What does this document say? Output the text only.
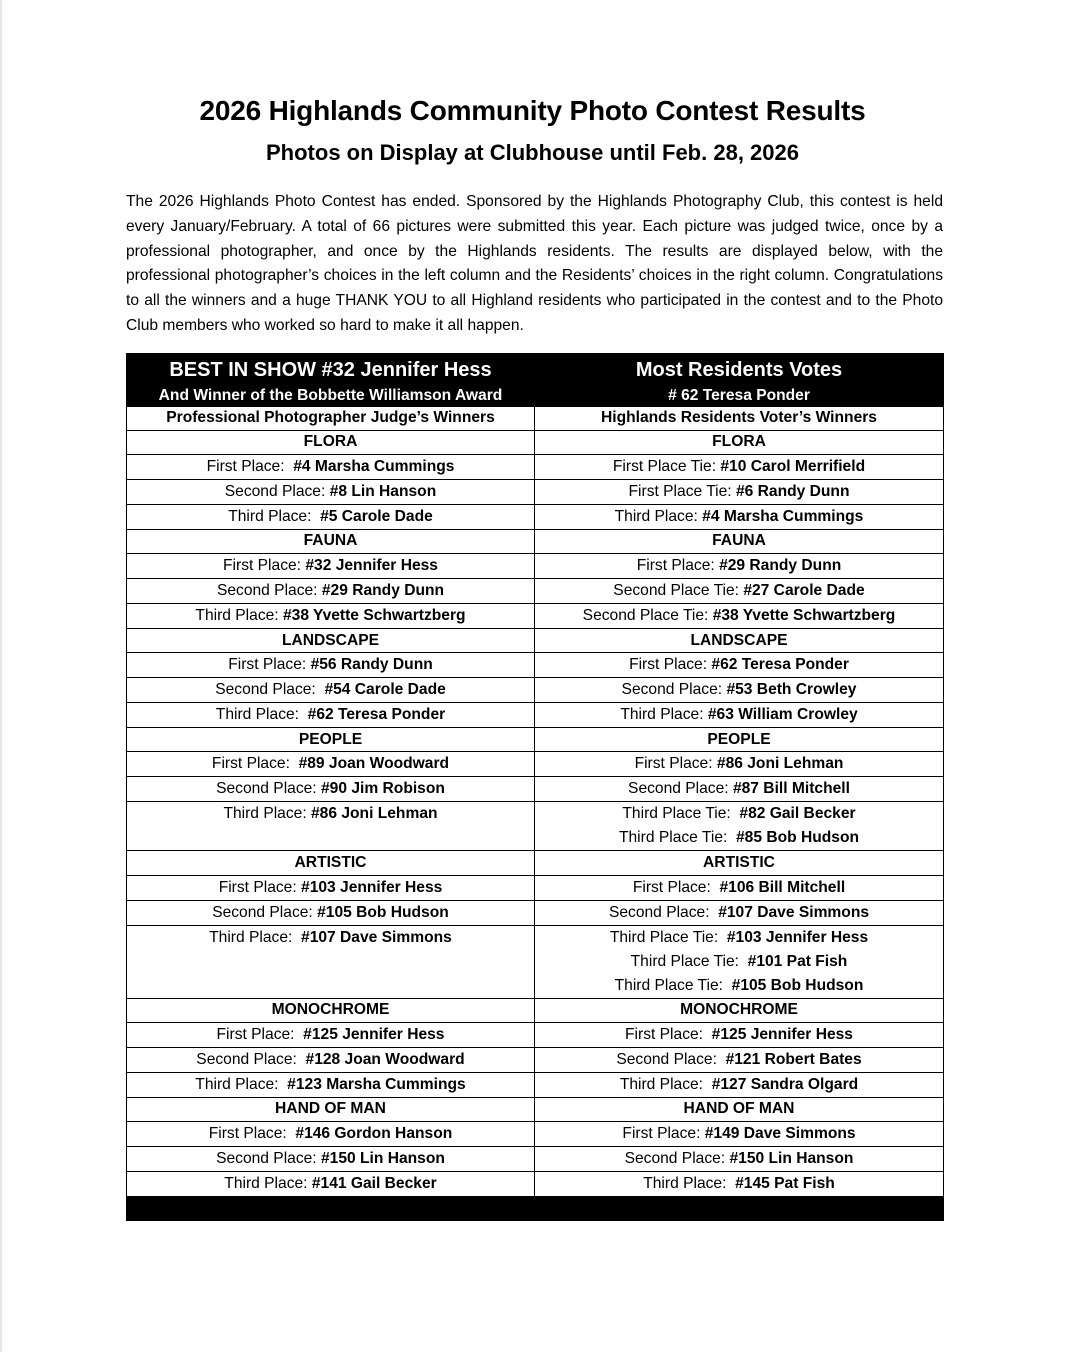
2026 Highlands Community Photo Contest Results
Photos on Display at Clubhouse until Feb. 28, 2026

The 2026 Highlands Photo Contest has ended. Sponsored by the Highlands Photography Club, this contest is held every January/February. A total of 66 pictures were submitted this year. Each picture was judged twice, once by a professional photographer, and once by the Highlands residents. The results are displayed below, with the professional photographer’s choices in the left column and the Residents’ choices in the right column. Congratulations to all the winners and a huge THANK YOU to all Highland residents who participated in the contest and to the Photo Club members who worked so hard to make it all happen.

BEST IN SHOW #32 Jennifer Hess	Most Residents Votes
And Winner of the Bobbette Williamson Award	# 62 Teresa Ponder
Professional Photographer Judge’s Winners	Highlands Residents Voter’s Winners
FLORA	FLORA

First Place:  #4 Marsha Cummings	First Place Tie: #10 Carol Merrifield

Second Place: #8 Lin Hanson	First Place Tie: #6 Randy Dunn

Third Place:  #5 Carole Dade	Third Place: #4 Marsha Cummings

FAUNA	FAUNA

First Place: #32 Jennifer Hess	First Place: #29 Randy Dunn

Second Place: #29 Randy Dunn	Second Place Tie: #27 Carole Dade

Third Place: #38 Yvette Schwartzberg	Second Place Tie: #38 Yvette Schwartzberg

LANDSCAPE	LANDSCAPE

First Place: #56 Randy Dunn	First Place: #62 Teresa Ponder

Second Place:  #54 Carole Dade	Second Place: #53 Beth Crowley

Third Place:  #62 Teresa Ponder	Third Place: #63 William Crowley

PEOPLE	PEOPLE

First Place:  #89 Joan Woodward	First Place: #86 Joni Lehman

Second Place: #90 Jim Robison	Second Place: #87 Bill Mitchell

Third Place: #86 Joni Lehman	Third Place Tie:  #82 Gail Becker
Third Place Tie:  #85 Bob Hudson

ARTISTIC	ARTISTIC

First Place: #103 Jennifer Hess	First Place:  #106 Bill Mitchell

Second Place: #105 Bob Hudson	Second Place:  #107 Dave Simmons

Third Place:  #107 Dave Simmons	Third Place Tie:  #103 Jennifer Hess
Third Place Tie:  #101 Pat Fish
Third Place Tie:  #105 Bob Hudson

MONOCHROME	MONOCHROME

First Place:  #125 Jennifer Hess	First Place:  #125 Jennifer Hess

Second Place:  #128 Joan Woodward	Second Place:  #121 Robert Bates

Third Place:  #123 Marsha Cummings	Third Place:  #127 Sandra Olgard

HAND OF MAN	HAND OF MAN

First Place:  #146 Gordon Hanson	First Place: #149 Dave Simmons

Second Place: #150 Lin Hanson	Second Place: #150 Lin Hanson

Third Place: #141 Gail Becker	Third Place:  #145 Pat Fish
